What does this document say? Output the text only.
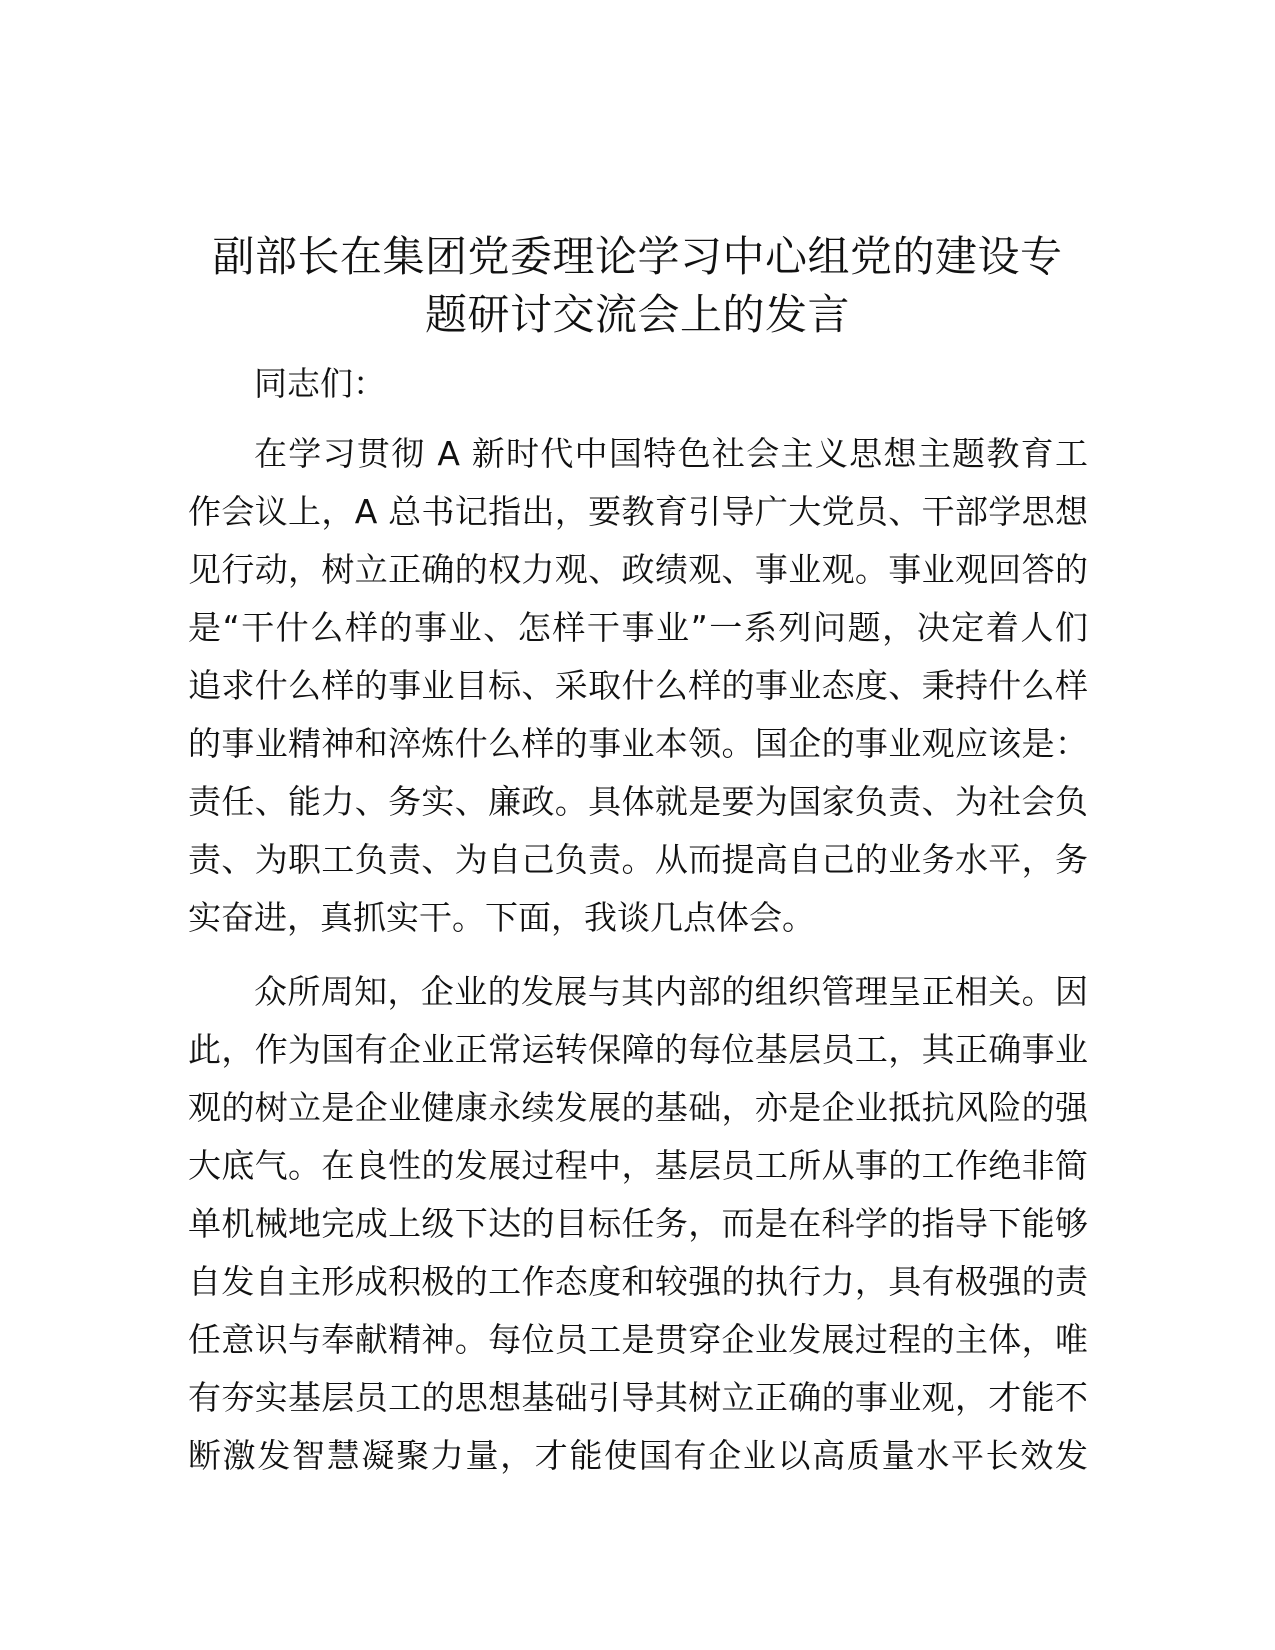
副部长在集团党委理论学习中心组党的建设专
题研讨交流会上的发言
同志们：
在学习贯彻 A 新时代中国特色社会主义思想主题教育工
作会议上，A 总书记指出，要教育引导广大党员、干部学思想
见行动，树立正确的权力观、政绩观、事业观。事业观回答的
是“干什么样的事业、怎样干事业”一系列问题，决定着人们
追求什么样的事业目标、采取什么样的事业态度、秉持什么样
的事业精神和淬炼什么样的事业本领。国企的事业观应该是：
责任、能力、务实、廉政。具体就是要为国家负责、为社会负
责、为职工负责、为自己负责。从而提高自己的业务水平，务
实奋进，真抓实干。下面，我谈几点体会。
众所周知，企业的发展与其内部的组织管理呈正相关。因
此，作为国有企业正常运转保障的每位基层员工，其正确事业
观的树立是企业健康永续发展的基础，亦是企业抵抗风险的强
大底气。在良性的发展过程中，基层员工所从事的工作绝非简
单机械地完成上级下达的目标任务，而是在科学的指导下能够
自发自主形成积极的工作态度和较强的执行力，具有极强的责
任意识与奉献精神。每位员工是贯穿企业发展过程的主体，唯
有夯实基层员工的思想基础引导其树立正确的事业观，才能不
断激发智慧凝聚力量，才能使国有企业以高质量水平长效发
